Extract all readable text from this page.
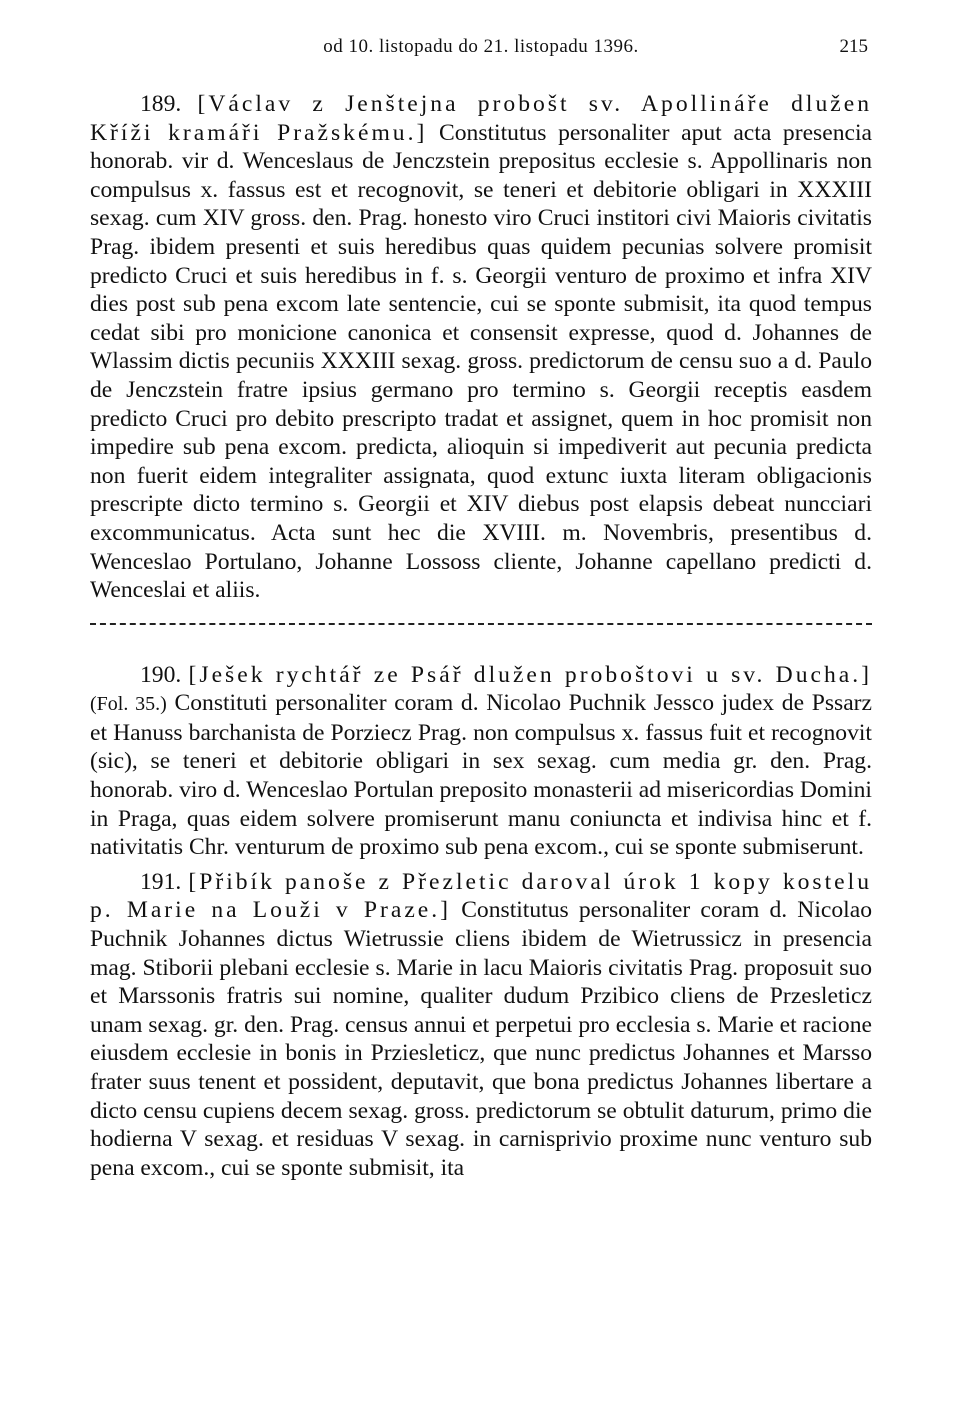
od 10. listopadu do 21. listopadu 1396.	215

189. [Václav z Jenštejna probošt sv. Apollináře dlužen Kříži kramáři Pražskému.] Constitutus personaliter aput acta presencia honorab. vir d. Wenceslaus de Jenczstein prepositus ecclesie s. Appollinaris non compulsus x. fassus est et recognovit, se teneri et debitorie obligari in XXXIII sexag. cum XIV gross. den. Prag. honesto viro Cruci institori civi Maioris civitatis Prag. ibidem presenti et suis heredibus quas quidem pecunias solvere promisit predicto Cruci et suis heredibus in f. s. Georgii venturo de proximo et infra XIV dies post sub pena excom late sentencie, cui se sponte submisit, ita quod tempus cedat sibi pro monicione canonica et consensit expresse, quod d. Johannes de Wlassim dictis pecuniis XXXIII sexag. gross. predictorum de censu suo a d. Paulo de Jenczstein fratre ipsius germano pro termino s. Georgii receptis easdem predicto Cruci pro debito prescripto tradat et assignet, quem in hoc promisit non impedire sub pena excom. predicta, alioquin si impediverit aut pecunia predicta non fuerit eidem integraliter assignata, quod extunc iuxta literam obligacionis prescripte dicto termino s. Georgii et XIV diebus post elapsis debeat nuncciari excommunicatus. Acta sunt hec die XVIII. m. Novembris, presentibus d. Wenceslao Portulano, Johanne Lossoss cliente, Johanne capellano predicti d. Wenceslai et aliis.

190. [Ješek rychtář ze Psář dlužen proboštovi u sv. Ducha.] (Fol. 35.) Constituti personaliter coram d. Nicolao Puchnik Jessco judex de Pssarz et Hanuss barchanista de Porziecz Prag. non compulsus x. fassus fuit et recognovit (sic), se teneri et debitorie obligari in sex sexag. cum media gr. den. Prag. honorab. viro d. Wenceslao Portulan preposito monasterii ad misericordias Domini in Praga, quas eidem solvere promiserunt manu coniuncta et indivisa hinc et f. nativitatis Chr. venturum de proximo sub pena excom., cui se sponte submiserunt.

191. [Přibík panoše z Přezletic daroval úrok 1 kopy kostelu p. Marie na Louži v Praze.] Constitutus personaliter coram d. Nicolao Puchnik Johannes dictus Wietrussie cliens ibidem de Wietrussicz in presencia mag. Stiborii plebani ecclesie s. Marie in lacu Maioris civitatis Prag. proposuit suo et Marssonis fratris sui nomine, qualiter dudum Przibico cliens de Przesleticz unam sexag. gr. den. Prag. census annui et perpetui pro ecclesia s. Marie et racione eiusdem ecclesie in bonis in Prziesleticz, que nunc predictus Johannes et Marsso frater suus tenent et possident, deputavit, que bona predictus Johannes libertare a dicto censu cupiens decem sexag. gross. predictorum se obtulit daturum, primo die hodierna V sexag. et residuas V sexag. in carnisprivio proxime nunc venturo sub pena excom., cui se sponte submisit, ita
